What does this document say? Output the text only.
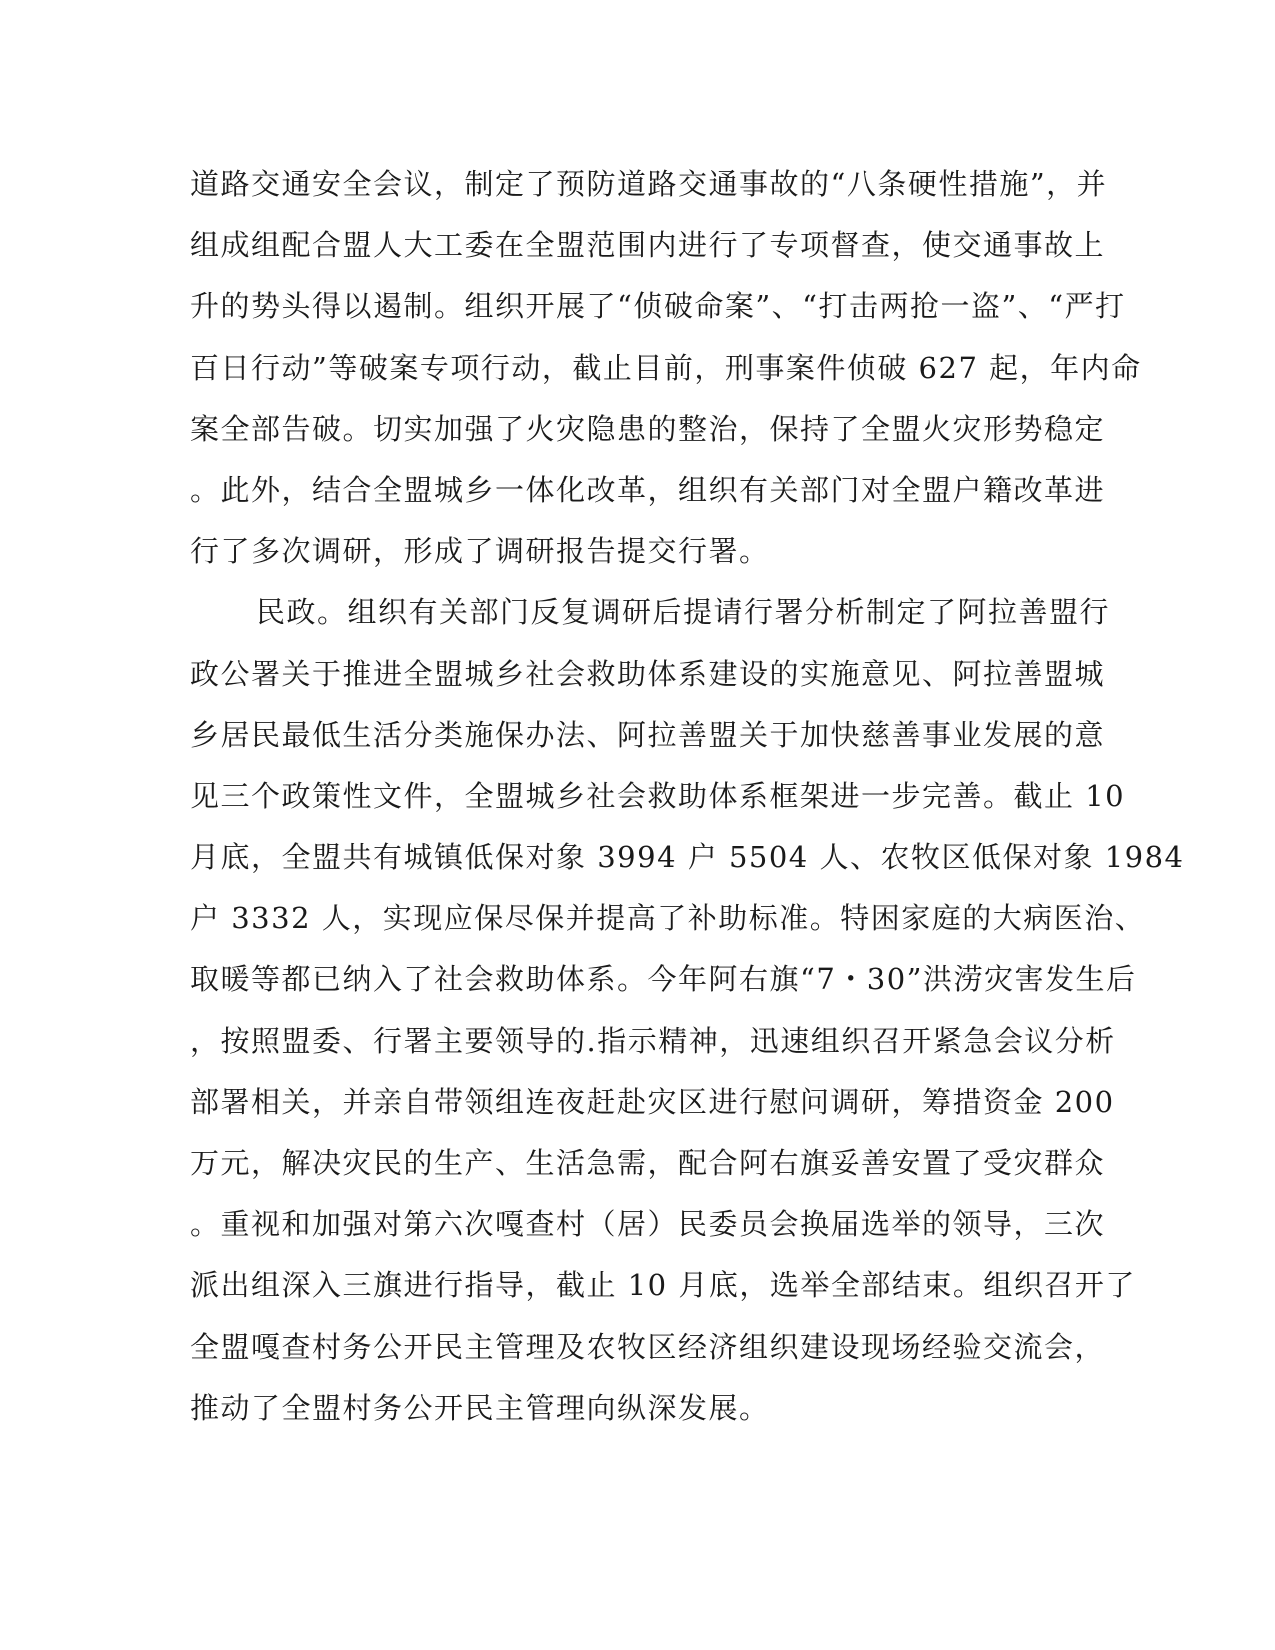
道路交通安全会议，制定了预防道路交通事故的“八条硬性措施”，并
组成组配合盟人大工委在全盟范围内进行了专项督查，使交通事故上
升的势头得以遏制。组织开展了“侦破命案”、“打击两抢一盗”、“严打
百日行动”等破案专项行动，截止目前，刑事案件侦破 627 起，年内命
案全部告破。切实加强了火灾隐患的整治，保持了全盟火灾形势稳定
。此外，结合全盟城乡一体化改革，组织有关部门对全盟户籍改革进
行了多次调研，形成了调研报告提交行署。
民政。组织有关部门反复调研后提请行署分析制定了阿拉善盟行
政公署关于推进全盟城乡社会救助体系建设的实施意见、阿拉善盟城
乡居民最低生活分类施保办法、阿拉善盟关于加快慈善事业发展的意
见三个政策性文件，全盟城乡社会救助体系框架进一步完善。截止 10
月底，全盟共有城镇低保对象 3994 户 5504 人、农牧区低保对象 1984
户 3332 人，实现应保尽保并提高了补助标准。特困家庭的大病医治、
取暖等都已纳入了社会救助体系。今年阿右旗“7・30”洪涝灾害发生后
，按照盟委、行署主要领导的.指示精神，迅速组织召开紧急会议分析
部署相关，并亲自带领组连夜赶赴灾区进行慰问调研，筹措资金 200
万元，解决灾民的生产、生活急需，配合阿右旗妥善安置了受灾群众
。重视和加强对第六次嘎查村（居）民委员会换届选举的领导，三次
派出组深入三旗进行指导，截止 10 月底，选举全部结束。组织召开了
全盟嘎查村务公开民主管理及农牧区经济组织建设现场经验交流会，
推动了全盟村务公开民主管理向纵深发展。
